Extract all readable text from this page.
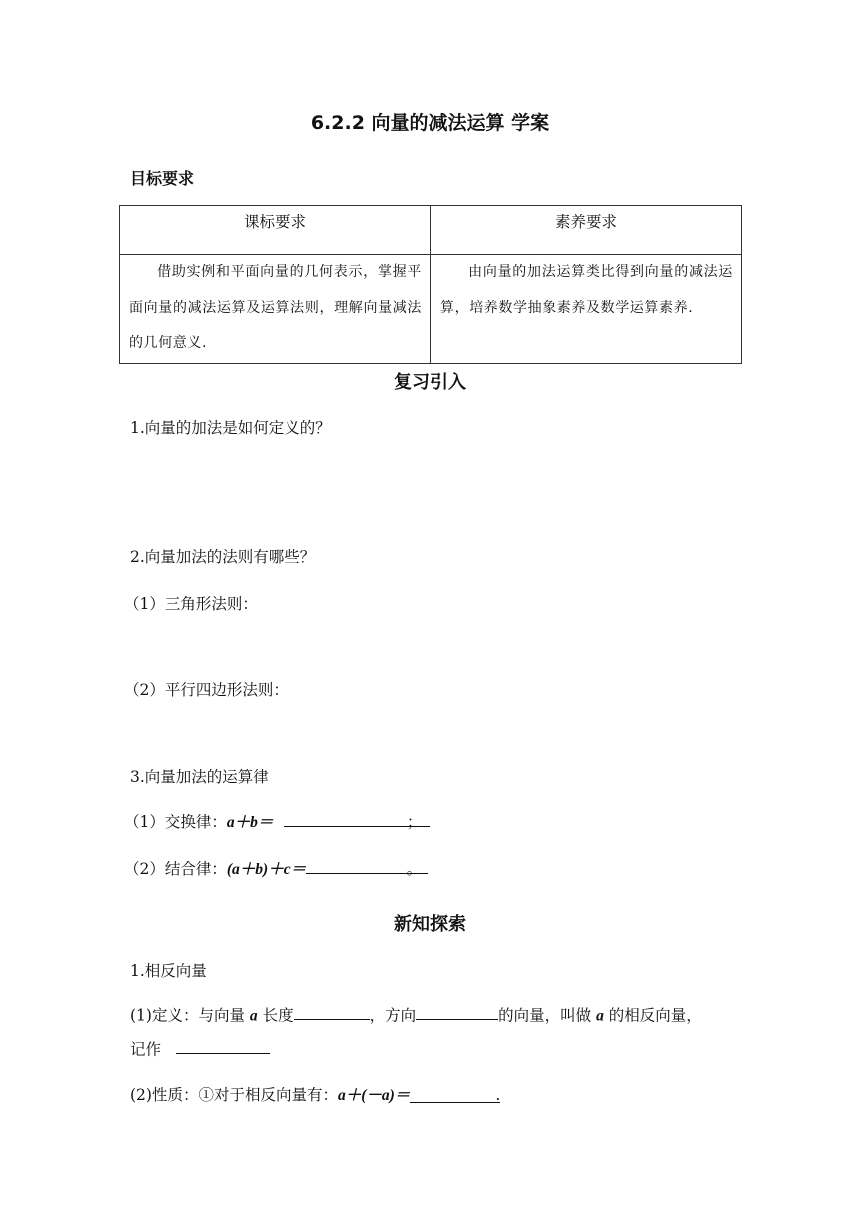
6.2.2 向量的减法运算 学案
目标要求
课标要求	素养要求
借助实例和平面向量的几何表示，掌握平面向量的减法运算及运算法则，理解向量减法的几何意义.	由向量的加法运算类比得到向量的减法运算，培养数学抽象素养及数学运算素养.
复习引入
1.向量的加法是如何定义的？
2.向量加法的法则有哪些？
（1）三角形法则：
（2）平行四边形法则：
3.向量加法的运算律
（1）交换律：a＋b＝	；
（2）结合律：(a＋b)＋c＝	。
新知探索
1.相反向量
(1)定义：与向量 a 长度	，方向	的向量，叫做 a 的相反向量，
记作
(2)性质：①对于相反向量有：a＋(－a)＝	.
